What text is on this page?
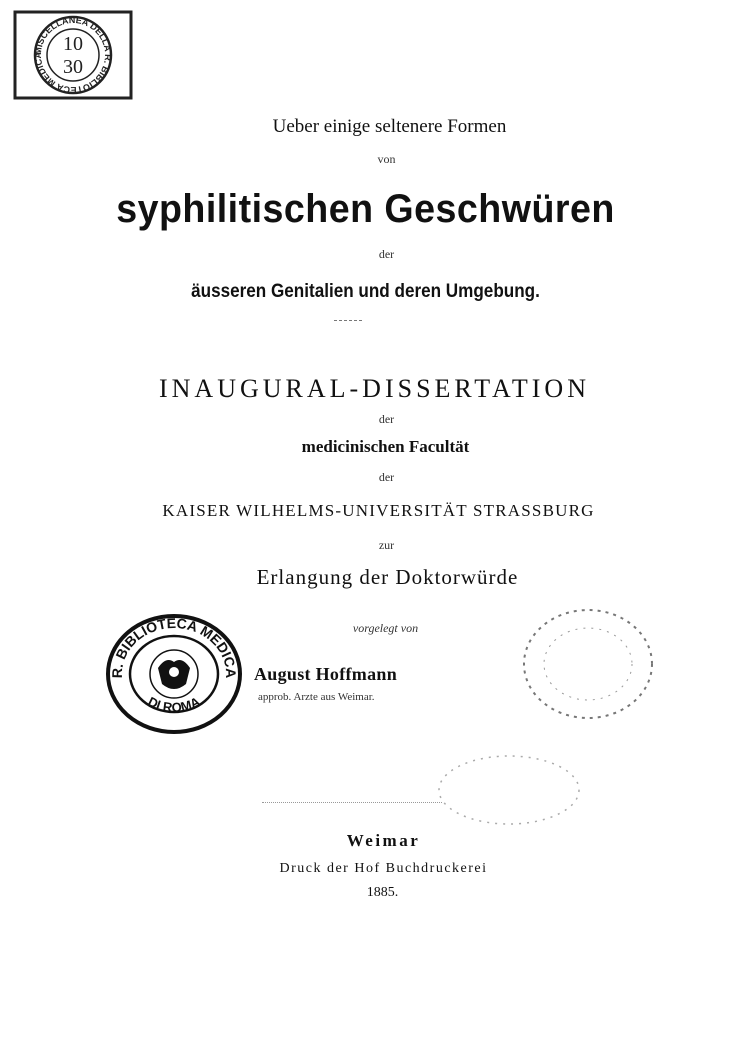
MISCELLANEA DELLA R. BIBLIOTECA MEDICA
10
30
Ueber einige seltenere Formen
von
syphilitischen Geschwüren
der
äusseren Genitalien und deren Umgebung.
INAUGURAL-DISSERTATION
der
medicinischen Facultät
der
KAISER WILHELMS-UNIVERSITÄT STRASSBURG
zur
Erlangung der Doktorwürde
vorgelegt von
R. BIBLIOTECA MEDICA
DI ROMA
August Hoffmann
approb. Arzte aus Weimar.
Weimar
Druck der Hof Buchdruckerei
1885.
